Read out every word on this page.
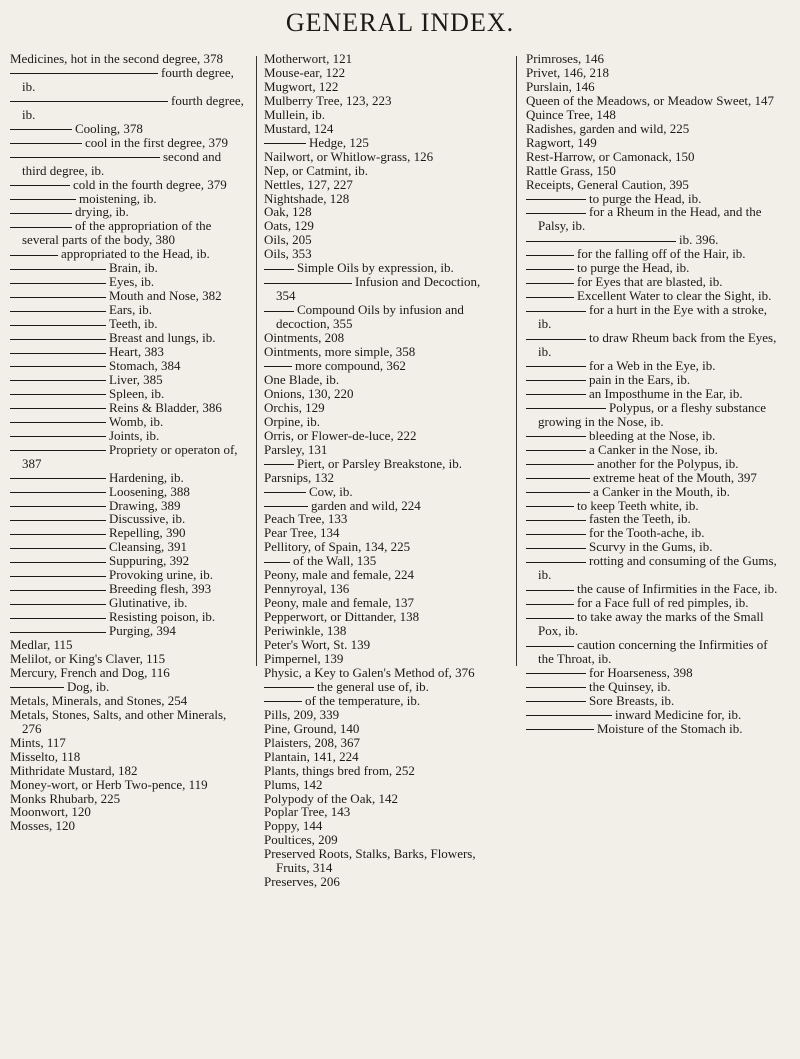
GENERAL INDEX.
Medicines, hot in the second degree, 378
fourth degree, ib.
fourth degree, ib.
Cooling, 378
cool in the first degree, 379
second and third degree, ib.
cold in the fourth degree, 379
moistening, ib.
drying, ib.
of the appropriation of the several parts of the body, 380
appropriated to the Head, ib.
Brain, ib.
Eyes, ib.
Mouth and Nose, 382
Ears, ib.
Teeth, ib.
Breast and lungs, ib.
Heart, 383
Stomach, 384
Liver, 385
Spleen, ib.
Reins & Bladder, 386
Womb, ib.
Joints, ib.
Propriety or operaton of, 387
Hardening, ib.
Loosening, 388
Drawing, 389
Discussive, ib.
Repelling, 390
Cleansing, 391
Suppuring, 392
Provoking urine, ib.
Breeding flesh, 393
Glutinative, ib.
Resisting poison, ib.
Purging, 394
Medlar, 115
Melilot, or King's Claver, 115
Mercury, French and Dog, 116
Dog, ib.
Metals, Minerals, and Stones, 254
Metals, Stones, Salts, and other Minerals, 276
Mints, 117
Misselto, 118
Mithridate Mustard, 182
Money-wort, or Herb Two-pence, 119
Monks Rhubarb, 225
Moonwort, 120
Mosses, 120
Motherwort, 121
Mouse-ear, 122
Mugwort, 122
Mulberry Tree, 123, 223
Mullein, ib.
Mustard, 124
Hedge, 125
Nailwort, or Whitlow-grass, 126
Nep, or Catmint, ib.
Nettles, 127, 227
Nightshade, 128
Oak, 128
Oats, 129
Oils, 205
Oils, 353
Simple Oils by expression, ib.
Infusion and Decoction, 354
Compound Oils by infusion and decoction, 355
Ointments, 208
Ointments, more simple, 358
more compound, 362
One Blade, ib.
Onions, 130, 220
Orchis, 129
Orpine, ib.
Orris, or Flower-de-luce, 222
Parsley, 131
Piert, or Parsley Breakstone, ib.
Parsnips, 132
Cow, ib.
garden and wild, 224
Peach Tree, 133
Pear Tree, 134
Pellitory, of Spain, 134, 225
of the Wall, 135
Peony, male and female, 224
Pennyroyal, 136
Peony, male and female, 137
Pepperwort, or Dittander, 138
Periwinkle, 138
Peter's Wort, St. 139
Pimpernel, 139
Physic, a Key to Galen's Method of, 376
the general use of, ib.
of the temperature, ib.
Pills, 209, 339
Pine, Ground, 140
Plaisters, 208, 367
Plantain, 141, 224
Plants, things bred from, 252
Plums, 142
Polypody of the Oak, 142
Poplar Tree, 143
Poppy, 144
Poultices, 209
Preserved Roots, Stalks, Barks, Flowers, Fruits, 314
Preserves, 206
Primroses, 146
Privet, 146, 218
Purslain, 146
Queen of the Meadows, or Meadow Sweet, 147
Quince Tree, 148
Radishes, garden and wild, 225
Ragwort, 149
Rest-Harrow, or Camonack, 150
Rattle Grass, 150
Receipts, General Caution, 395
to purge the Head, ib.
for a Rheum in the Head, and the Palsy, ib.
ib. 396.
for the falling off of the Hair, ib.
to purge the Head, ib.
for Eyes that are blasted, ib.
Excellent Water to clear the Sight, ib.
for a hurt in the Eye with a stroke, ib.
to draw Rheum back from the Eyes, ib.
for a Web in the Eye, ib.
pain in the Ears, ib.
an Imposthume in the Ear, ib.
Polypus, or a fleshy substance growing in the Nose, ib.
bleeding at the Nose, ib.
a Canker in the Nose, ib.
another for the Polypus, ib.
extreme heat of the Mouth, 397
a Canker in the Mouth, ib.
to keep Teeth white, ib.
fasten the Teeth, ib.
for the Tooth-ache, ib.
Scurvy in the Gums, ib.
rotting and consuming of the Gums, ib.
the cause of Infirmities in the Face, ib.
for a Face full of red pimples, ib.
to take away the marks of the Small Pox, ib.
caution concerning the Infirmities of the Throat, ib.
for Hoarseness, 398
the Quinsey, ib.
Sore Breasts, ib.
inward Medicine for, ib.
Moisture of the Stomach ib.
